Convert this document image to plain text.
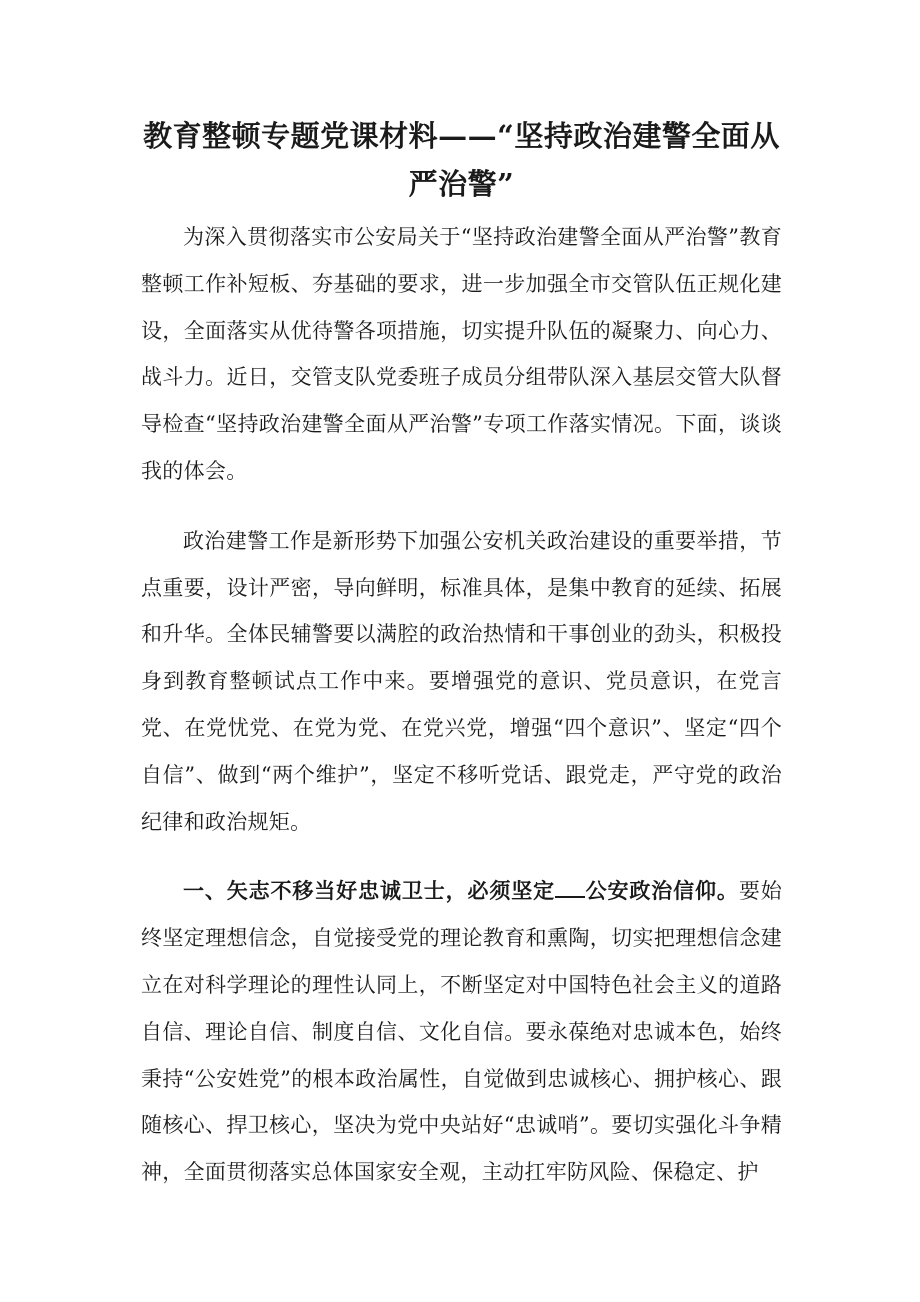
教育整顿专题党课材料——“坚持政治建警全面从
严治警”

为深入贯彻落实市公安局关于“坚持政治建警全面从严治警”教育整顿工作补短板、夯基础的要求，进一步加强全市交管队伍正规化建设，全面落实从优待警各项措施，切实提升队伍的凝聚力、向心力、战斗力。近日，交管支队党委班子成员分组带队深入基层交管大队督导检查“坚持政治建警全面从严治警”专项工作落实情况。下面，谈谈我的体会。

政治建警工作是新形势下加强公安机关政治建设的重要举措，节点重要，设计严密，导向鲜明，标准具体，是集中教育的延续、拓展和升华。全体民辅警要以满腔的政治热情和干事创业的劲头，积极投身到教育整顿试点工作中来。要增强党的意识、党员意识，在党言党、在党忧党、在党为党、在党兴党，增强“四个意识”、坚定“四个自信”、做到“两个维护”，坚定不移听党话、跟党走，严守党的政治纪律和政治规矩。

一、矢志不移当好忠诚卫士，必须坚定 公安政治信仰。要始终坚定理想信念，自觉接受党的理论教育和熏陶，切实把理想信念建立在对科学理论的理性认同上，不断坚定对中国特色社会主义的道路自信、理论自信、制度自信、文化自信。要永葆绝对忠诚本色，始终秉持“公安姓党”的根本政治属性，自觉做到忠诚核心、拥护核心、跟随核心、捍卫核心，坚决为党中央站好“忠诚哨”。要切实强化斗争精神，全面贯彻落实总体国家安全观，主动扛牢防风险、保稳定、护
